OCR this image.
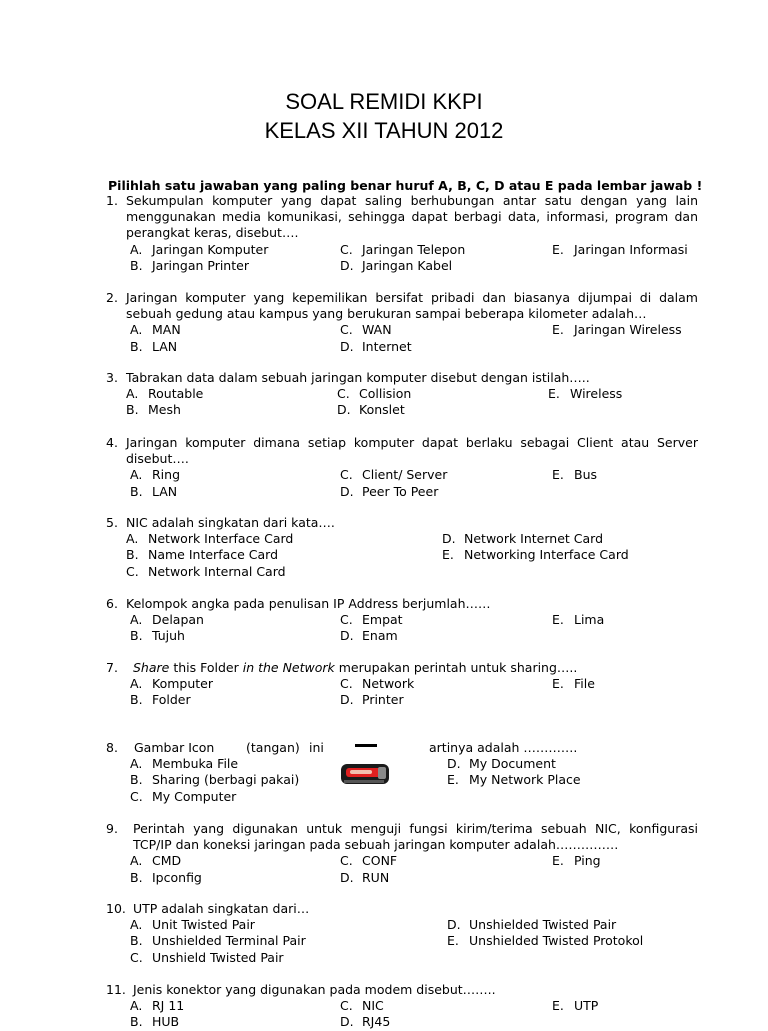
SOAL REMIDI KKPI
KELAS XII TAHUN 2012
Pilihlah satu jawaban yang paling benar huruf A, B, C, D atau E pada lembar jawab !
1. Sekumpulan komputer yang dapat saling berhubungan antar satu dengan yang lain menggunakan media komunikasi, sehingga dapat berbagi data, informasi, program dan perangkat keras, disebut….
A. Jaringan Komputer	C. Jaringan Telepon	E. Jaringan Informasi
B. Jaringan Printer	D. Jaringan Kabel
2. Jaringan komputer yang kepemilikan bersifat pribadi dan biasanya dijumpai di dalam sebuah gedung atau kampus yang berukuran sampai beberapa kilometer adalah…
A. MAN	C. WAN	E. Jaringan Wireless
B. LAN	D. Internet
3. Tabrakan data dalam sebuah jaringan komputer disebut dengan istilah…..
A. Routable	C. Collision	E. Wireless
B. Mesh	D. Konslet
4. Jaringan komputer dimana setiap komputer dapat berlaku sebagai Client atau Server disebut….
A. Ring	C. Client/ Server	E. Bus
B. LAN	D. Peer To Peer
5. NIC adalah singkatan dari kata….
A. Network Interface Card	D. Network Internet Card
B. Name Interface Card	E. Networking Interface Card
C. Network Internal Card
6. Kelompok angka pada penulisan IP Address berjumlah……
A. Delapan	C. Empat	E. Lima
B. Tujuh	D. Enam
7.	Share this Folder in the Network merupakan perintah untuk sharing…..
A. Komputer	C. Network	E. File
B. Folder	D. Printer
8. Gambar Icon	(tangan) ini	artinya adalah ………….
A. Membuka File	D. My Document
B. Sharing (berbagi pakai)	E. My Network Place
C. My Computer
9.	Perintah yang digunakan untuk menguji fungsi kirim/terima sebuah NIC, konfigurasi TCP/IP dan koneksi jaringan pada sebuah jaringan komputer adalah……………
A. CMD	C. CONF	E. Ping
B. Ipconfig	D. RUN
10. UTP adalah singkatan dari…
A. Unit Twisted Pair	D. Unshielded Twisted Pair
B. Unshielded Terminal Pair	E. Unshielded Twisted Protokol
C. Unshield Twisted Pair
11. Jenis konektor yang digunakan pada modem disebut……..
A. RJ 11	C. NIC	E. UTP
B. HUB	D. RJ45
